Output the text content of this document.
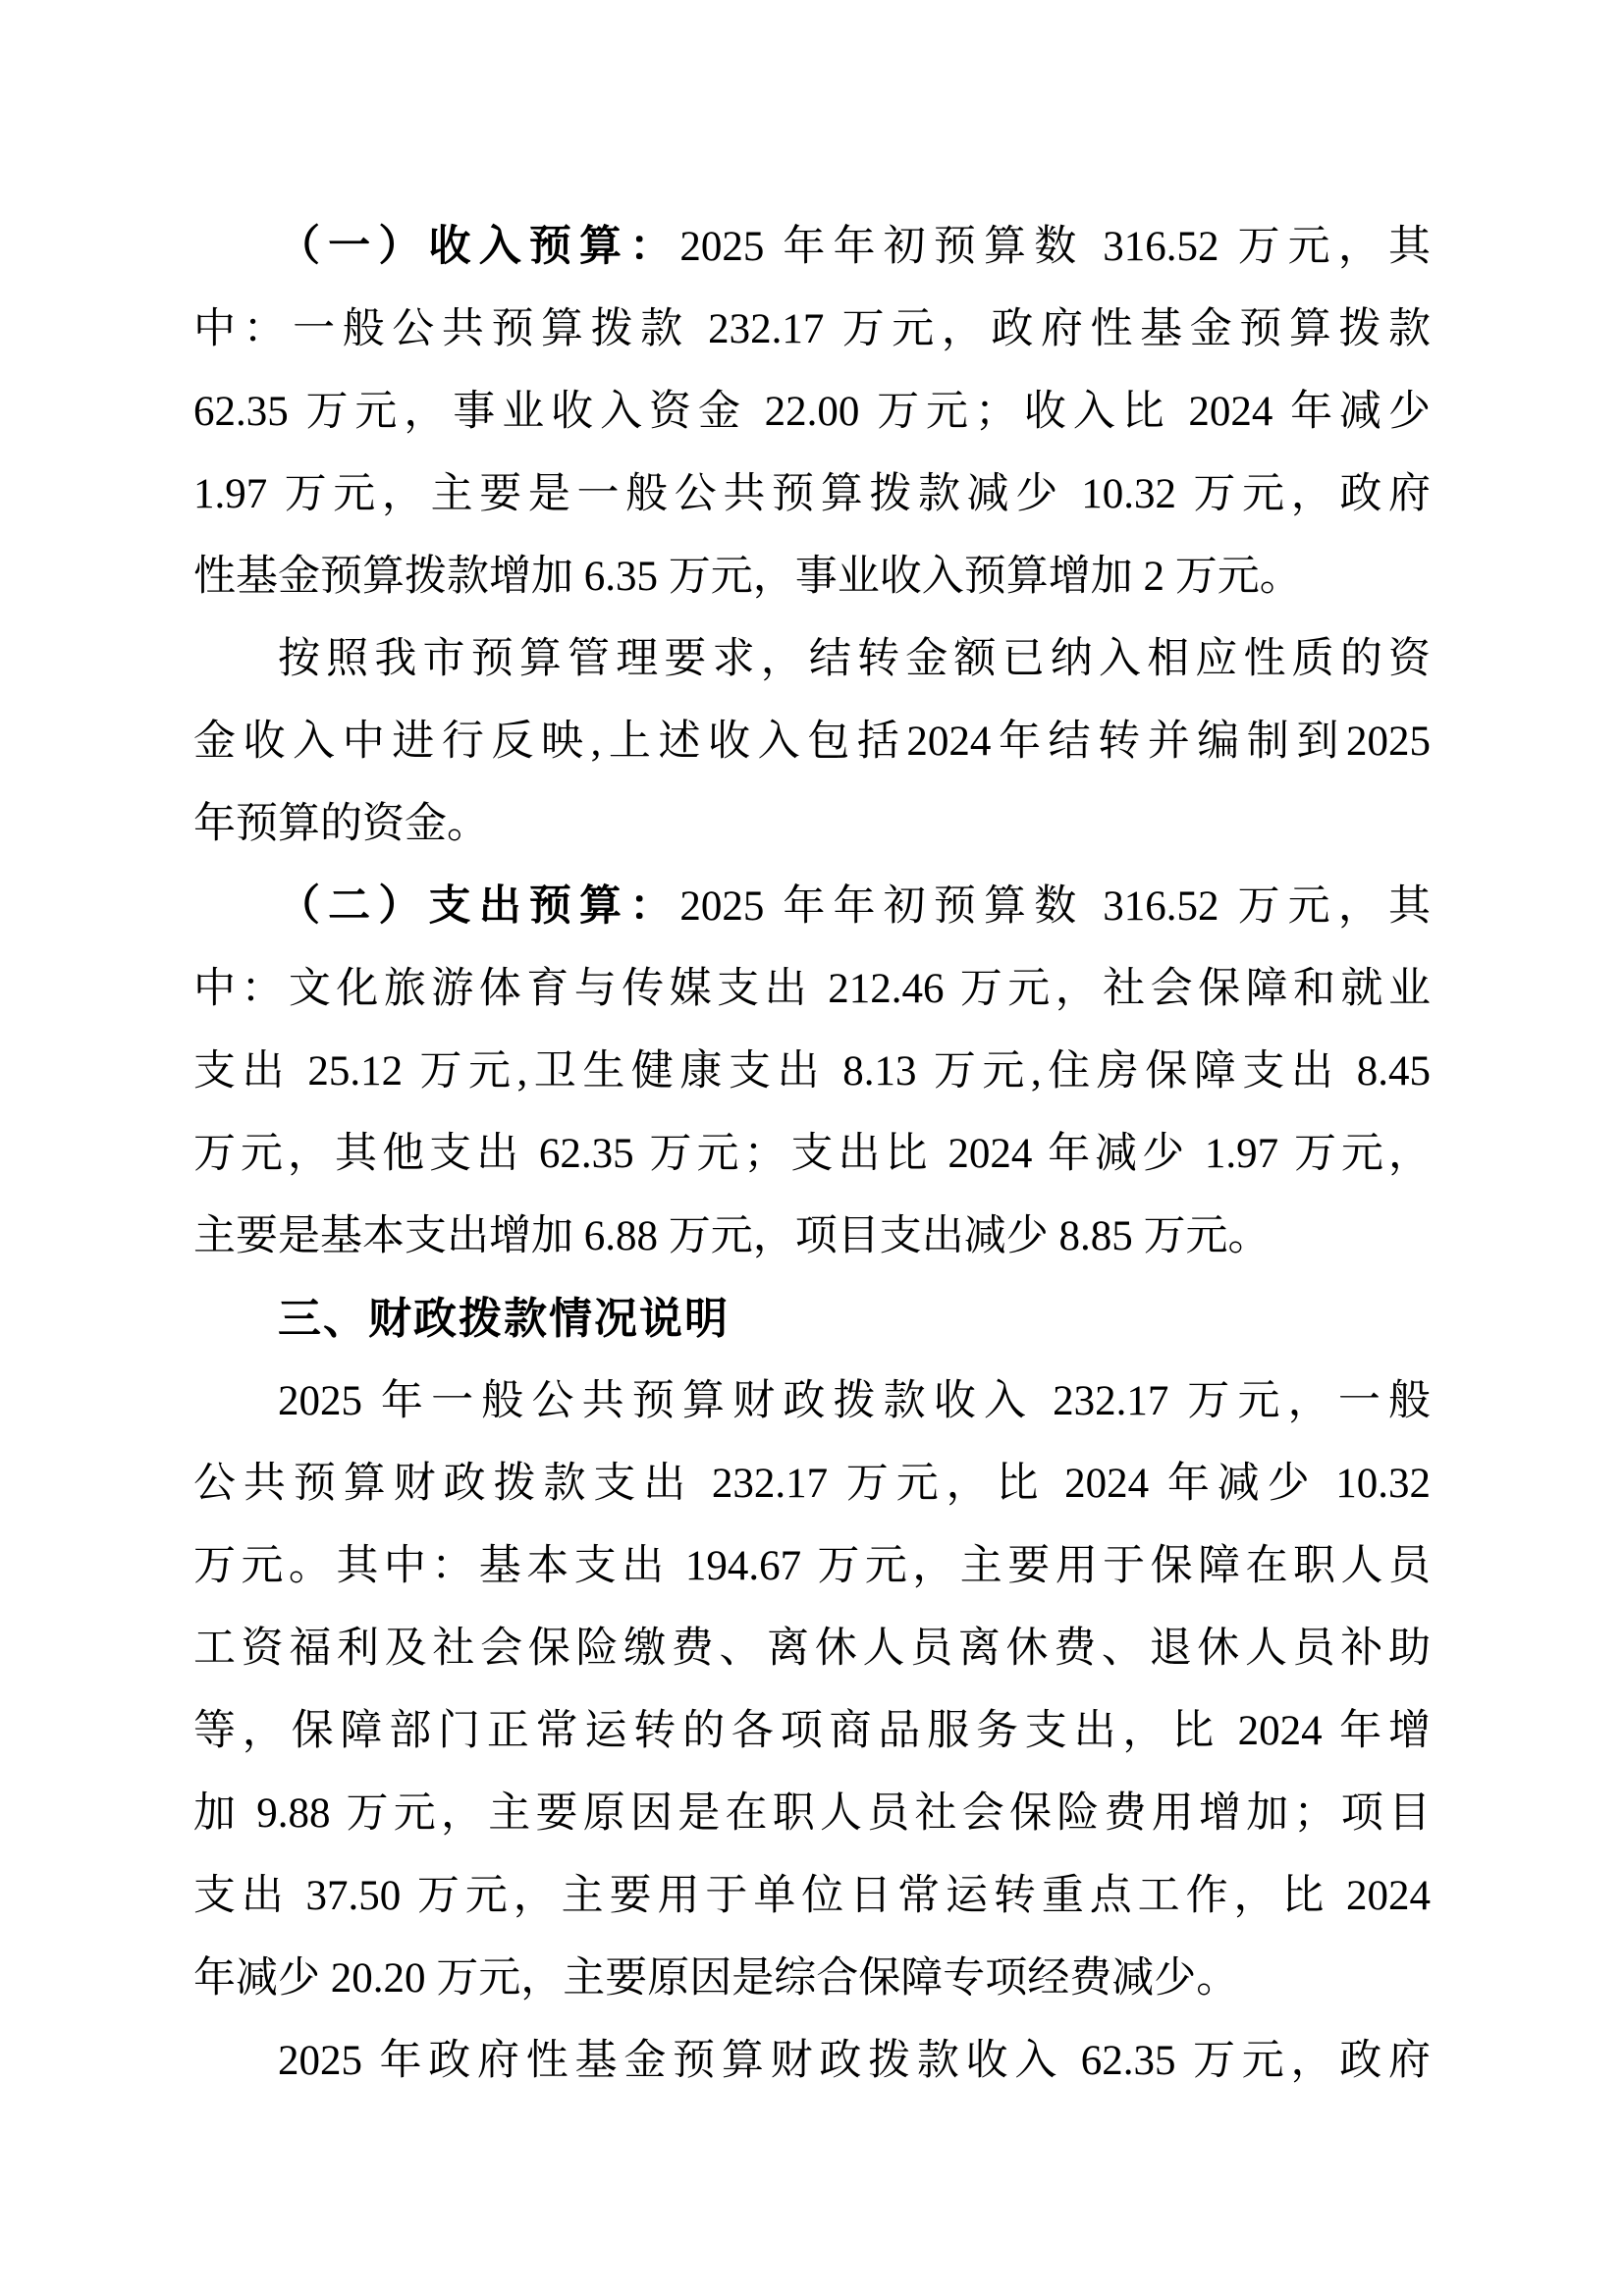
（一）收入预算：2025 年年初预算数 316.52 万元，其
中：一般公共预算拨款 232.17 万元，政府性基金预算拨款
62.35 万元，事业收入资金 22.00 万元；收入比 2024 年减少
1.97 万元，主要是一般公共预算拨款减少 10.32 万元，政府
性基金预算拨款增加 6.35 万元，事业收入预算增加 2 万元。
按照我市预算管理要求，结转金额已纳入相应性质的资
金收入中进行反映,上述收入包括2024年结转并编制到2025
年预算的资金。
（二）支出预算：2025 年年初预算数 316.52 万元，其
中：文化旅游体育与传媒支出 212.46 万元，社会保障和就业
支出 25.12 万元,卫生健康支出 8.13 万元,住房保障支出 8.45
万元，其他支出 62.35 万元；支出比 2024 年减少 1.97 万元，
主要是基本支出增加 6.88 万元，项目支出减少 8.85 万元。
三、财政拨款情况说明
2025 年一般公共预算财政拨款收入 232.17 万元，一般
公共预算财政拨款支出 232.17 万元，比 2024 年减少 10.32
万元。其中：基本支出 194.67 万元，主要用于保障在职人员
工资福利及社会保险缴费、离休人员离休费、退休人员补助
等，保障部门正常运转的各项商品服务支出，比 2024 年增
加 9.88 万元，主要原因是在职人员社会保险费用增加；项目
支出 37.50 万元，主要用于单位日常运转重点工作，比 2024
年减少 20.20 万元，主要原因是综合保障专项经费减少。
2025 年政府性基金预算财政拨款收入 62.35 万元，政府
